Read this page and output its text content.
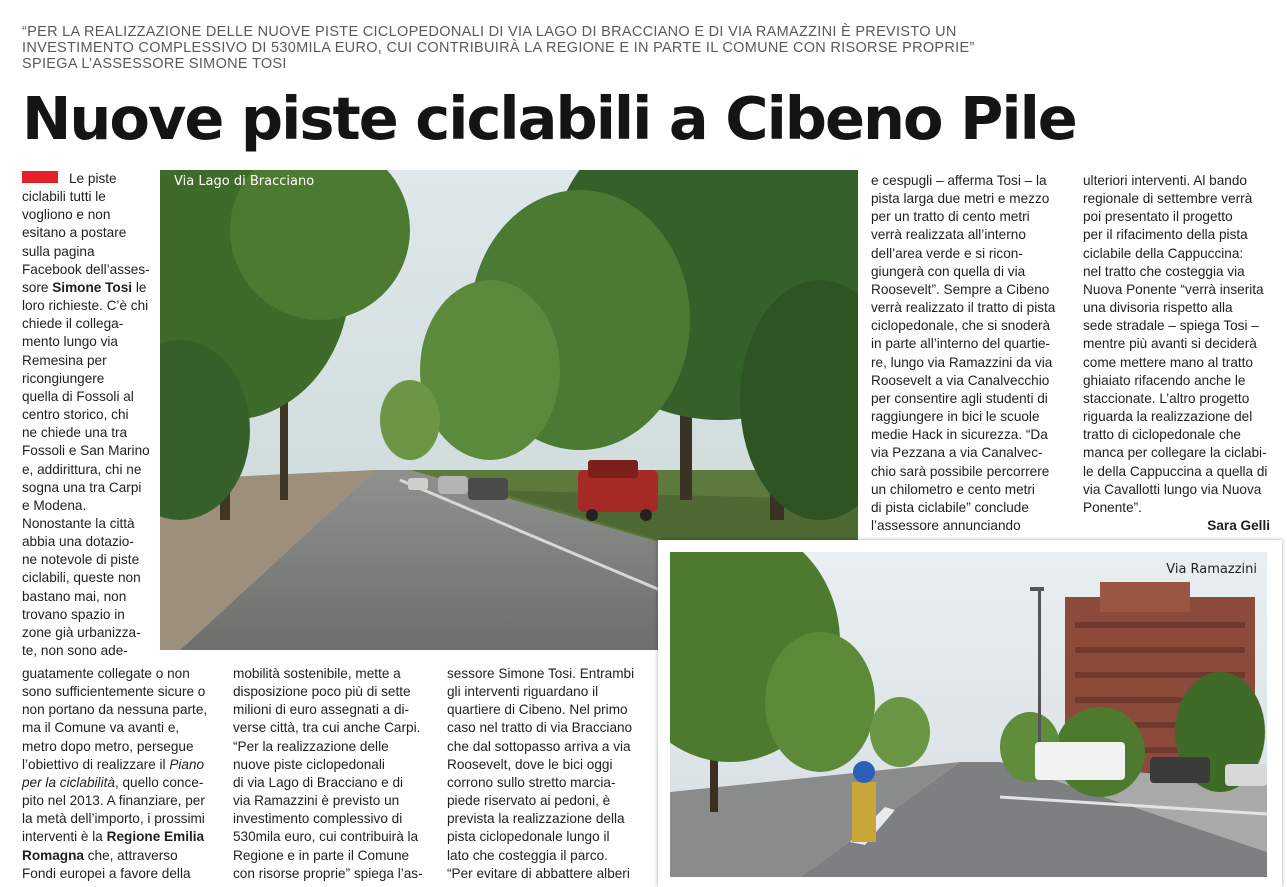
“PER LA REALIZZAZIONE DELLE NUOVE PISTE CICLOPEDONALI DI VIA LAGO DI BRACCIANO E DI VIA RAMAZZINI È PREVISTO UN
INVESTIMENTO COMPLESSIVO DI 530MILA EURO, CUI CONTRIBUIRÀ LA REGIONE E IN PARTE IL COMUNE CON RISORSE PROPRIE”
SPIEGA L’ASSESSORE SIMONE TOSI
Nuove piste ciclabili a Cibeno Pile
Via Lago di Bracciano
Le piste
ciclabili tutti le
vogliono e non
esitano a postare
sulla pagina
Facebook dell’asses-
sore Simone Tosi le
loro richieste. C’è chi
chiede il collega-
mento lungo via
Remesina per
ricongiungere
quella di Fossoli al
centro storico, chi
ne chiede una tra
Fossoli e San Marino
e, addirittura, chi ne
sogna una tra Carpi
e Modena.
Nonostante la città
abbia una dotazio-
ne notevole di piste
ciclabili, queste non
bastano mai, non
trovano spazio in
zone già urbanizza-
te, non sono ade-
guatamente collegate o non
sono sufficientemente sicure o
non portano da nessuna parte,
ma il Comune va avanti e,
metro dopo metro, persegue
l’obiettivo di realizzare il Piano
per la ciclabilità, quello conce-
pito nel 2013. A finanziare, per
la metà dell’importo, i prossimi
interventi è la Regione Emilia
Romagna che, attraverso
Fondi europei a favore della
mobilità sostenibile, mette a
disposizione poco più di sette
milioni di euro assegnati a di-
verse città, tra cui anche Carpi.
“Per la realizzazione delle
nuove piste ciclopedonali
di via Lago di Bracciano e di
via Ramazzini è previsto un
investimento complessivo di
530mila euro, cui contribuirà la
Regione e in parte il Comune
con risorse proprie” spiega l’as-
sessore Simone Tosi. Entrambi
gli interventi riguardano il
quartiere di Cibeno. Nel primo
caso nel tratto di via Bracciano
che dal sottopasso arriva a via
Roosevelt, dove le bici oggi
corrono sullo stretto marcia-
piede riservato ai pedoni, è
prevista la realizzazione della
pista ciclopedonale lungo il
lato che costeggia il parco.
“Per evitare di abbattere alberi
e cespugli – afferma Tosi – la
pista larga due metri e mezzo
per un tratto di cento metri
verrà realizzata all’interno
dell’area verde e si ricon-
giungerà con quella di via
Roosevelt”. Sempre a Cibeno
verrà realizzato il tratto di pista
ciclopedonale, che si snoderà
in parte all’interno del quartie-
re, lungo via Ramazzini da via
Roosevelt a via Canalvecchio
per consentire agli studenti di
raggiungere in bici le scuole
medie Hack in sicurezza. “Da
via Pezzana a via Canalvec-
chio sarà possibile percorrere
un chilometro e cento metri
di pista ciclabile” conclude
l’assessore annunciando
ulteriori interventi. Al bando
regionale di settembre verrà
poi presentato il progetto
per il rifacimento della pista
ciclabile della Cappuccina:
nel tratto che costeggia via
Nuova Ponente “verrà inserita
una divisoria rispetto alla
sede stradale – spiega Tosi –
mentre più avanti si deciderà
come mettere mano al tratto
ghiaiato rifacendo anche le
staccionate. L’altro progetto
riguarda la realizzazione del
tratto di ciclopedonale che
manca per collegare la ciclabi-
le della Cappuccina a quella di
via Cavallotti lungo via Nuova
Ponente”.
Sara Gelli
Via Ramazzini
